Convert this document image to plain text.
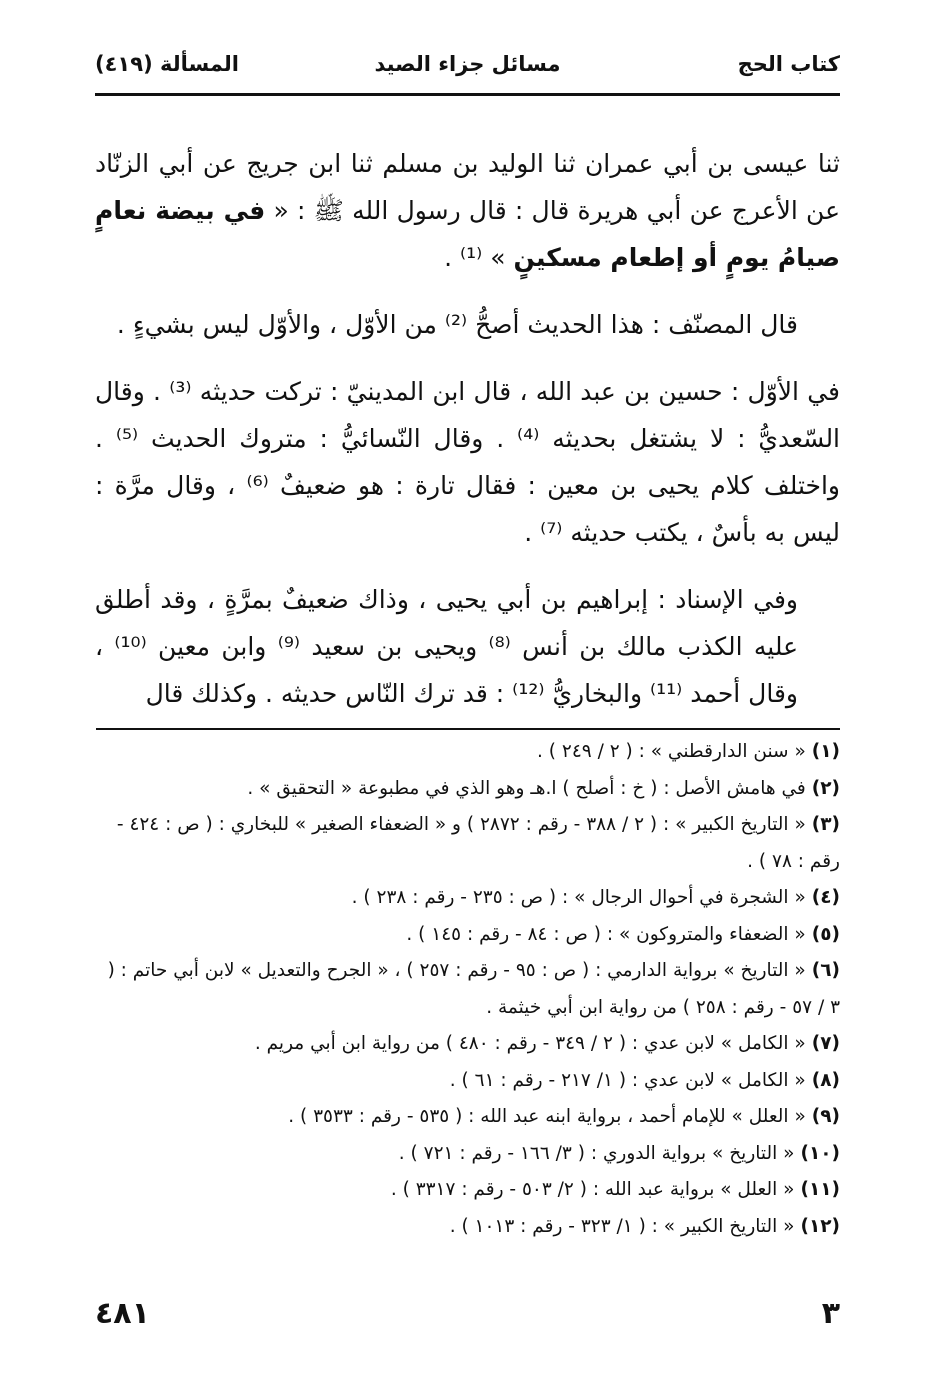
كتاب الحج
مسائل جزاء الصيد
المسألة (٤١٩)

ثنا عيسى بن أبي عمران ثنا الوليد بن مسلم ثنا ابن جريج عن أبي الزنّاد عن الأعرج عن أبي هريرة قال : قال رسول الله ﷺ : « في بيضة نعامٍ صيامُ يومٍ أو إطعام مسكينٍ » ⁽¹⁾ .

قال المصنّف : هذا الحديث أصحُّ ⁽²⁾ من الأوّل ، والأوّل ليس بشيءٍ .

في الأوّل : حسين بن عبد الله ، قال ابن المدينيّ : تركت حديثه ⁽³⁾ . وقال السّعديُّ : لا يشتغل بحديثه ⁽⁴⁾ . وقال النّسائيُّ : متروك الحديث ⁽⁵⁾ . واختلف كلام يحيى بن معين : فقال تارة : هو ضعيفٌ ⁽⁶⁾ ، وقال مرَّة : ليس به بأسٌ ، يكتب حديثه ⁽⁷⁾ .

وفي الإسناد : إبراهيم بن أبي يحيى ، وذاك ضعيفٌ بمرَّةٍ ، وقد أطلق عليه الكذب مالك بن أنس ⁽⁸⁾ ويحيى بن سعيد ⁽⁹⁾ وابن معين ⁽¹⁰⁾ ، وقال أحمد ⁽¹¹⁾ والبخاريُّ ⁽¹²⁾ : قد ترك النّاس حديثه . وكذلك قال

(١)« سنن الدارقطني » : ( ٢ / ٢٤٩ ) .
(٢)في هامش الأصل : ( خ : أصلح ) ا.هـ وهو الذي في مطبوعة « التحقيق » .
(٣)« التاريخ الكبير » : ( ٢ / ٣٨٨ - رقم : ٢٨٧٢ ) و « الضعفاء الصغير » للبخاري : ( ص : ٤٢٤ - رقم : ٧٨ ) .
(٤)« الشجرة في أحوال الرجال » : ( ص : ٢٣٥ - رقم : ٢٣٨ ) .
(٥)« الضعفاء والمتروكون » : ( ص : ٨٤ - رقم : ١٤٥ ) .
(٦)« التاريخ » برواية الدارمي : ( ص : ٩٥ - رقم : ٢٥٧ ) ، « الجرح والتعديل » لابن أبي حاتم : ( ٣ / ٥٧ - رقم : ٢٥٨ ) من رواية ابن أبي خيثمة .
(٧)« الكامل » لابن عدي : ( ٢ / ٣٤٩ - رقم : ٤٨٠ ) من رواية ابن أبي مريم .
(٨)« الكامل » لابن عدي : ( ١/ ٢١٧ - رقم : ٦١ ) .
(٩)« العلل » للإمام أحمد ، برواية ابنه عبد الله : ( ٥٣٥ - رقم : ٣٥٣٣ ) .
(١٠)« التاريخ » برواية الدوري : ( ٣/ ١٦٦ - رقم : ٧٢١ ) .
(١١)« العلل » برواية عبد الله : ( ٢/ ٥٠٣ - رقم : ٣٣١٧ ) .
(١٢)« التاريخ الكبير » : ( ١/ ٣٢٣ - رقم : ١٠١٣ ) .
٣
٤٨١
